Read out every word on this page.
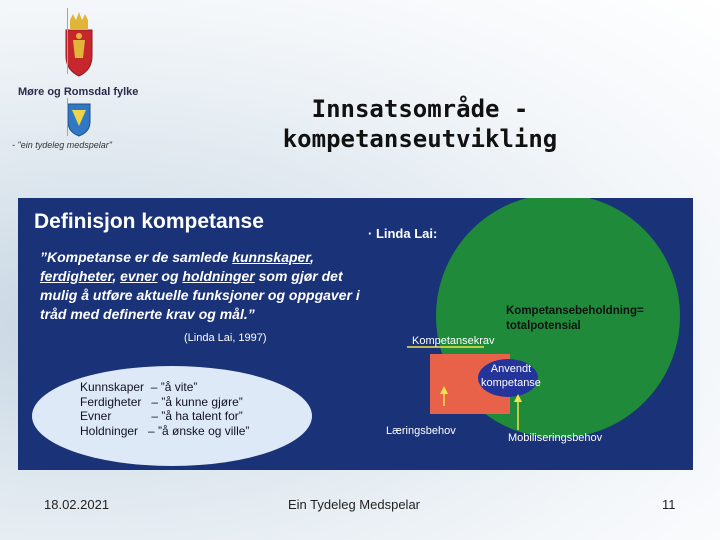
Møre og Romsdal fylke
- "ein tydeleg medspelar"
Innsatsområde -
kompetanseutvikling
Definisjon kompetanse
”Kompetanse er de samlede kunnskaper, ferdigheter, evner og holdninger som gjør det mulig å utføre aktuelle funksjoner og oppgaver i tråd med definerte krav og mål.”
(Linda Lai, 1997)
Kunnskaper  – ”å vite”
Ferdigheter   – ”å kunne gjøre”
Evner            – ”å ha talent for”
Holdninger   – ”å ønske og ville”
· Linda Lai:
Kompetansebeholdning=
totalpotensial
Kompetansekrav
Anvendt
kompetanse
Læringsbehov
Mobiliseringsbehov
18.02.2021	Ein Tydeleg Medspelar	11
